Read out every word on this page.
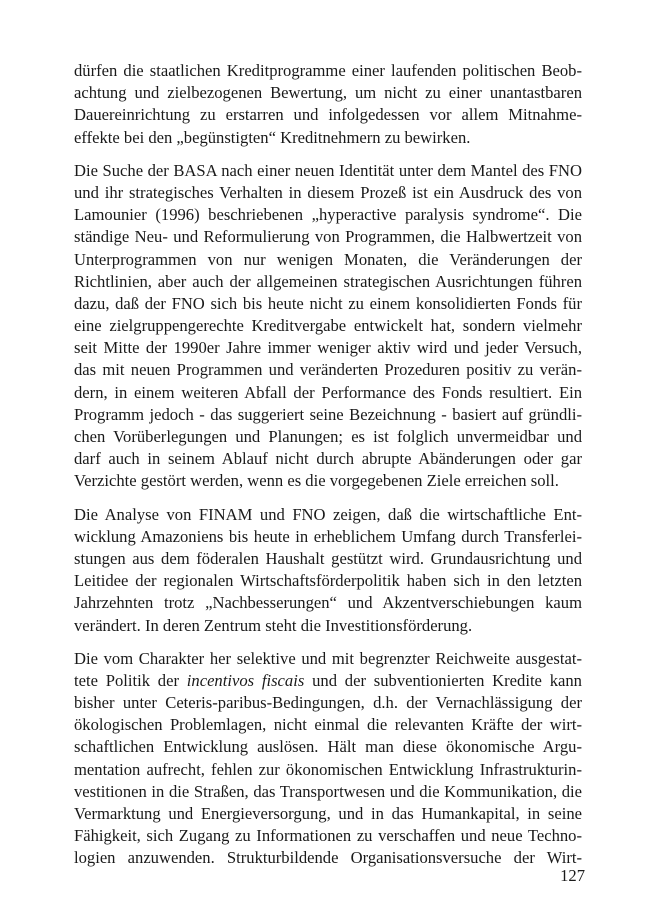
dürfen die staatlichen Kreditprogramme einer laufenden politischen Beob-
achtung und zielbezogenen Bewertung, um nicht zu einer unantastbaren
Dauereinrichtung zu erstarren und infolgedessen vor allem Mitnahme-
effekte bei den „begünstigten“ Kreditnehmern zu bewirken.
Die Suche der BASA nach einer neuen Identität unter dem Mantel des FNO
und ihr strategisches Verhalten in diesem Prozeß ist ein Ausdruck des von
Lamounier (1996) beschriebenen „hyperactive paralysis syndrome“. Die
ständige Neu- und Reformulierung von Programmen, die Halbwertzeit von
Unterprogrammen von nur wenigen Monaten, die Veränderungen der
Richtlinien, aber auch der allgemeinen strategischen Ausrichtungen führen
dazu, daß der FNO sich bis heute nicht zu einem konsolidierten Fonds für
eine zielgruppengerechte Kreditvergabe entwickelt hat, sondern vielmehr
seit Mitte der 1990er Jahre immer weniger aktiv wird und jeder Versuch,
das mit neuen Programmen und veränderten Prozeduren positiv zu verän-
dern, in einem weiteren Abfall der Performance des Fonds resultiert. Ein
Programm jedoch - das suggeriert seine Bezeichnung - basiert auf gründli-
chen Vorüberlegungen und Planungen; es ist folglich unvermeidbar und
darf auch in seinem Ablauf nicht durch abrupte Abänderungen oder gar
Verzichte gestört werden, wenn es die vorgegebenen Ziele erreichen soll.
Die Analyse von FINAM und FNO zeigen, daß die wirtschaftliche Ent-
wicklung Amazoniens bis heute in erheblichem Umfang durch Transferlei-
stungen aus dem föderalen Haushalt gestützt wird. Grundausrichtung und
Leitidee der regionalen Wirtschaftsförderpolitik haben sich in den letzten
Jahrzehnten trotz „Nachbesserungen“ und Akzentverschiebungen kaum
verändert. In deren Zentrum steht die Investitionsförderung.
Die vom Charakter her selektive und mit begrenzter Reichweite ausgestat-
tete Politik der incentivos fiscais und der subventionierten Kredite kann
bisher unter Ceteris-paribus-Bedingungen, d.h. der Vernachlässigung der
ökologischen Problemlagen, nicht einmal die relevanten Kräfte der wirt-
schaftlichen Entwicklung auslösen. Hält man diese ökonomische Argu-
mentation aufrecht, fehlen zur ökonomischen Entwicklung Infrastrukturin-
vestitionen in die Straßen, das Transportwesen und die Kommunikation, die
Vermarktung und Energieversorgung, und in das Humankapital, in seine
Fähigkeit, sich Zugang zu Informationen zu verschaffen und neue Techno-
logien anzuwenden. Strukturbildende Organisationsversuche der Wirt-
127
